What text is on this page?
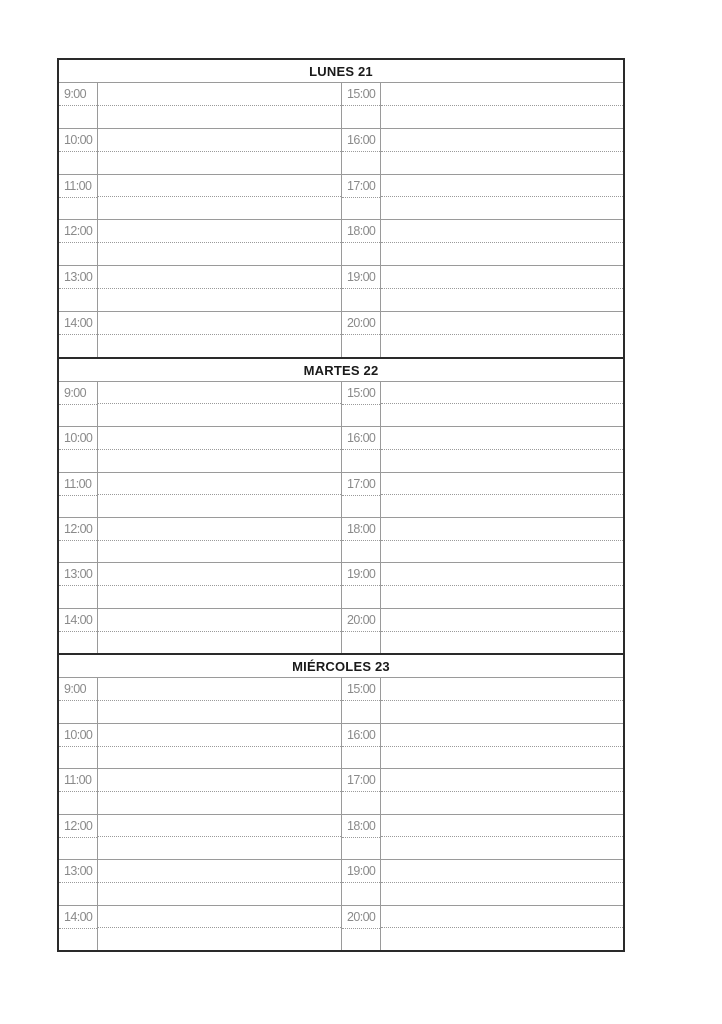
LUNES 21
9:00
10:00
11:00
12:00
13:00
14:00
15:00
16:00
17:00
18:00
19:00
20:00
MARTES 22
9:00
10:00
11:00
12:00
13:00
14:00
15:00
16:00
17:00
18:00
19:00
20:00
MIÉRCOLES 23
9:00
10:00
11:00
12:00
13:00
14:00
15:00
16:00
17:00
18:00
19:00
20:00
